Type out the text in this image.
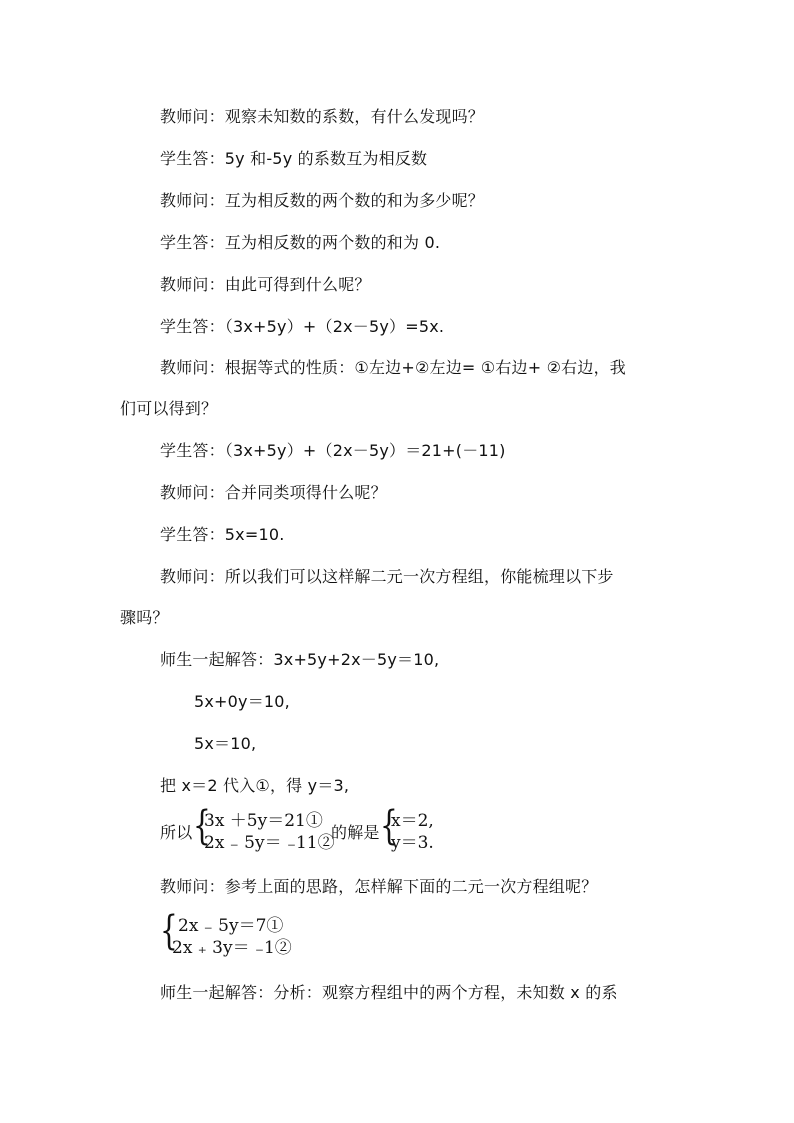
教师问：观察未知数的系数，有什么发现吗？
学生答：5y 和-5y 的系数互为相反数
教师问：互为相反数的两个数的和为多少呢？
学生答：互为相反数的两个数的和为 0.
教师问：由此可得到什么呢？
学生答：（3x+5y）+（2x－5y）=5x.
教师问：根据等式的性质：①左边+②左边= ①右边+ ②右边，我
们可以得到？
学生答：（3x+5y）+（2x－5y）＝21+(－11)
教师问：合并同类项得什么呢？
学生答：5x=10.
教师问：所以我们可以这样解二元一次方程组，你能梳理以下步
骤吗？
师生一起解答：3x+5y+2x－5y＝10,
5x+0y＝10,
5x＝10,
把 x＝2 代入①，得 y＝3,
所以 {
3x ＋5y＝21①
2x ₋ 5y＝ ₋11②
的解是 {
x＝2,
y＝3.
教师问：参考上面的思路，怎样解下面的二元一次方程组呢？
{ 2x ₋ 5y＝7①
2x ₊ 3y＝ ₋1②
师生一起解答：分析：观察方程组中的两个方程，未知数 x 的系
